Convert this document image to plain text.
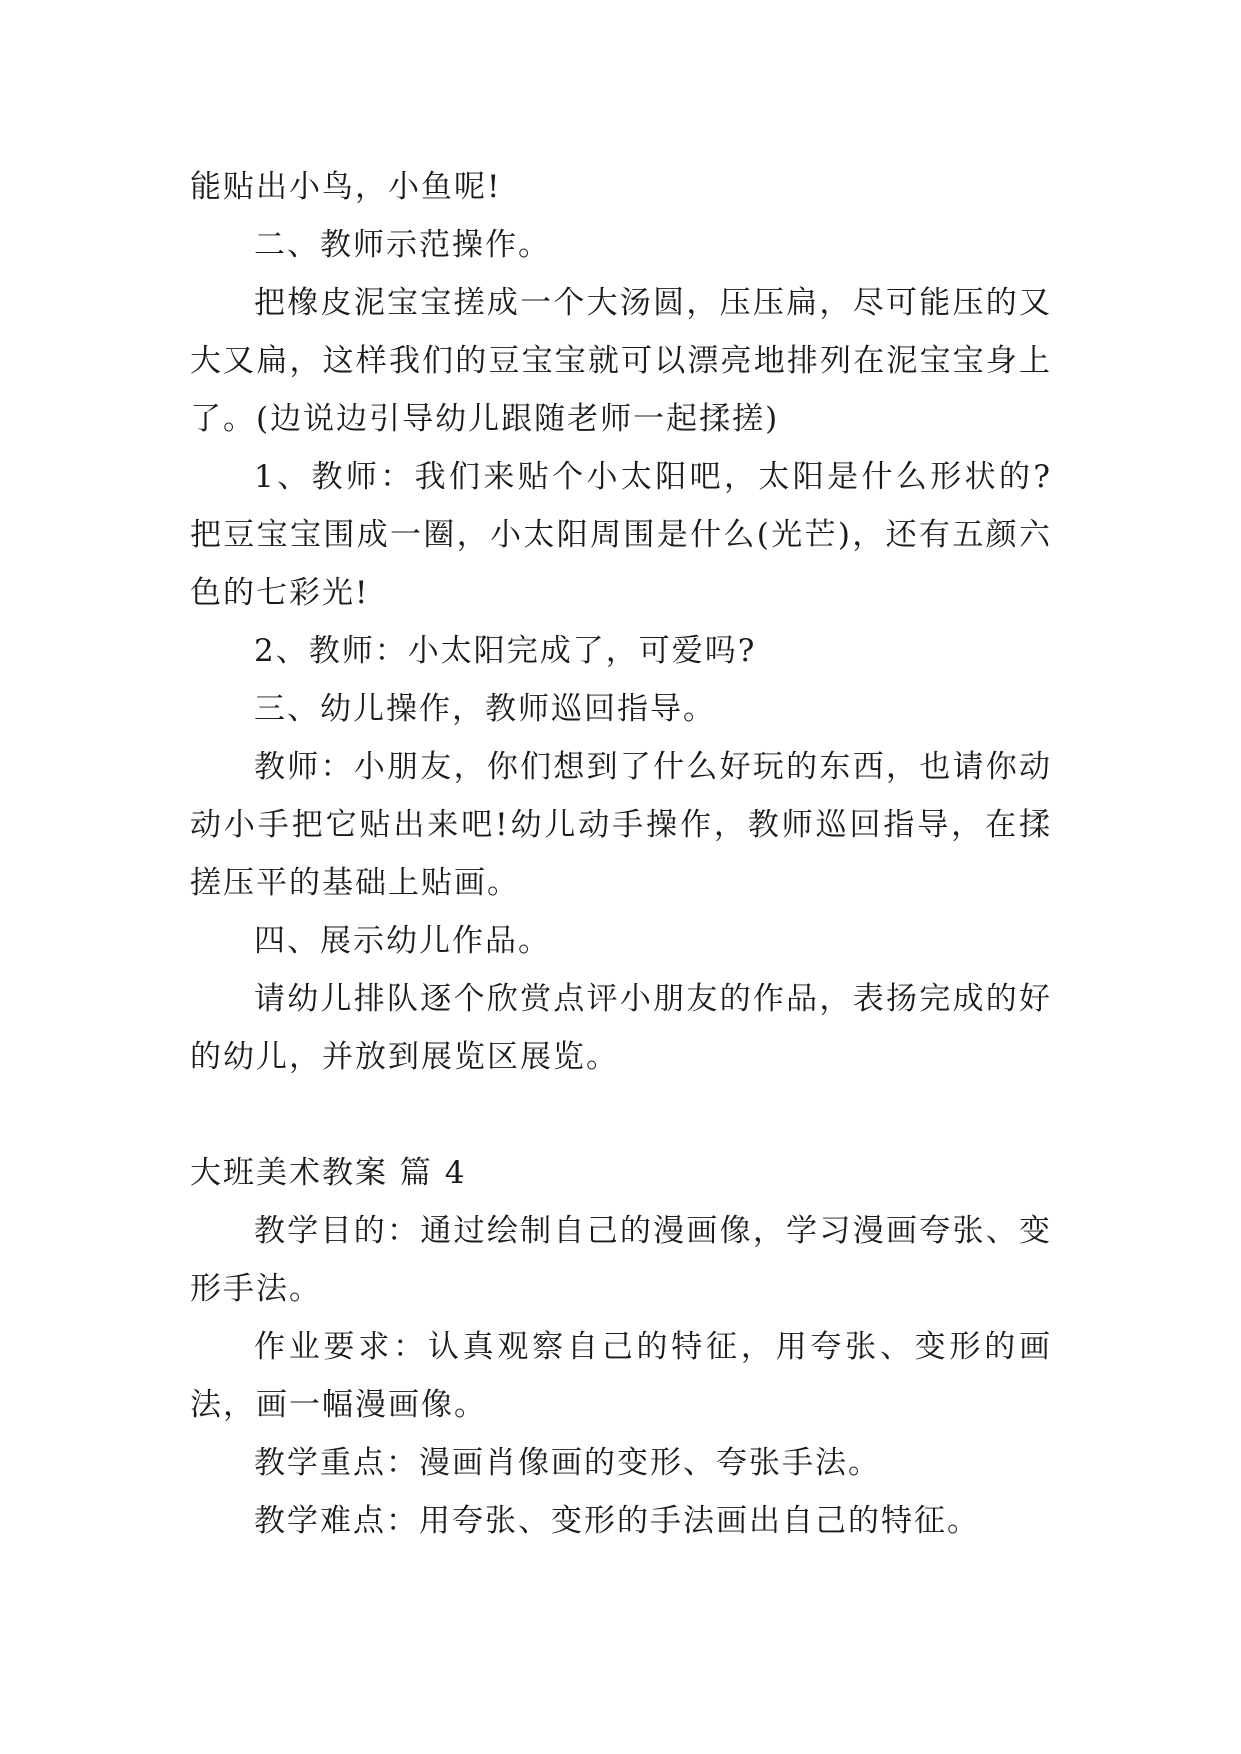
能贴出小鸟，小鱼呢!

二、教师示范操作。

把橡皮泥宝宝搓成一个大汤圆，压压扁，尽可能压的又大又扁，这样我们的豆宝宝就可以漂亮地排列在泥宝宝身上了。(边说边引导幼儿跟随老师一起揉搓)

1、教师：我们来贴个小太阳吧，太阳是什么形状的?把豆宝宝围成一圈，小太阳周围是什么(光芒)，还有五颜六色的七彩光!

2、教师：小太阳完成了，可爱吗?

三、幼儿操作，教师巡回指导。

教师：小朋友，你们想到了什么好玩的东西，也请你动动小手把它贴出来吧!幼儿动手操作，教师巡回指导，在揉搓压平的基础上贴画。

四、展示幼儿作品。

请幼儿排队逐个欣赏点评小朋友的作品，表扬完成的好的幼儿，并放到展览区展览。

大班美术教案 篇 4

教学目的：通过绘制自己的漫画像，学习漫画夸张、变形手法。

作业要求：认真观察自己的特征，用夸张、变形的画法，画一幅漫画像。

教学重点：漫画肖像画的变形、夸张手法。

教学难点：用夸张、变形的手法画出自己的特征。
